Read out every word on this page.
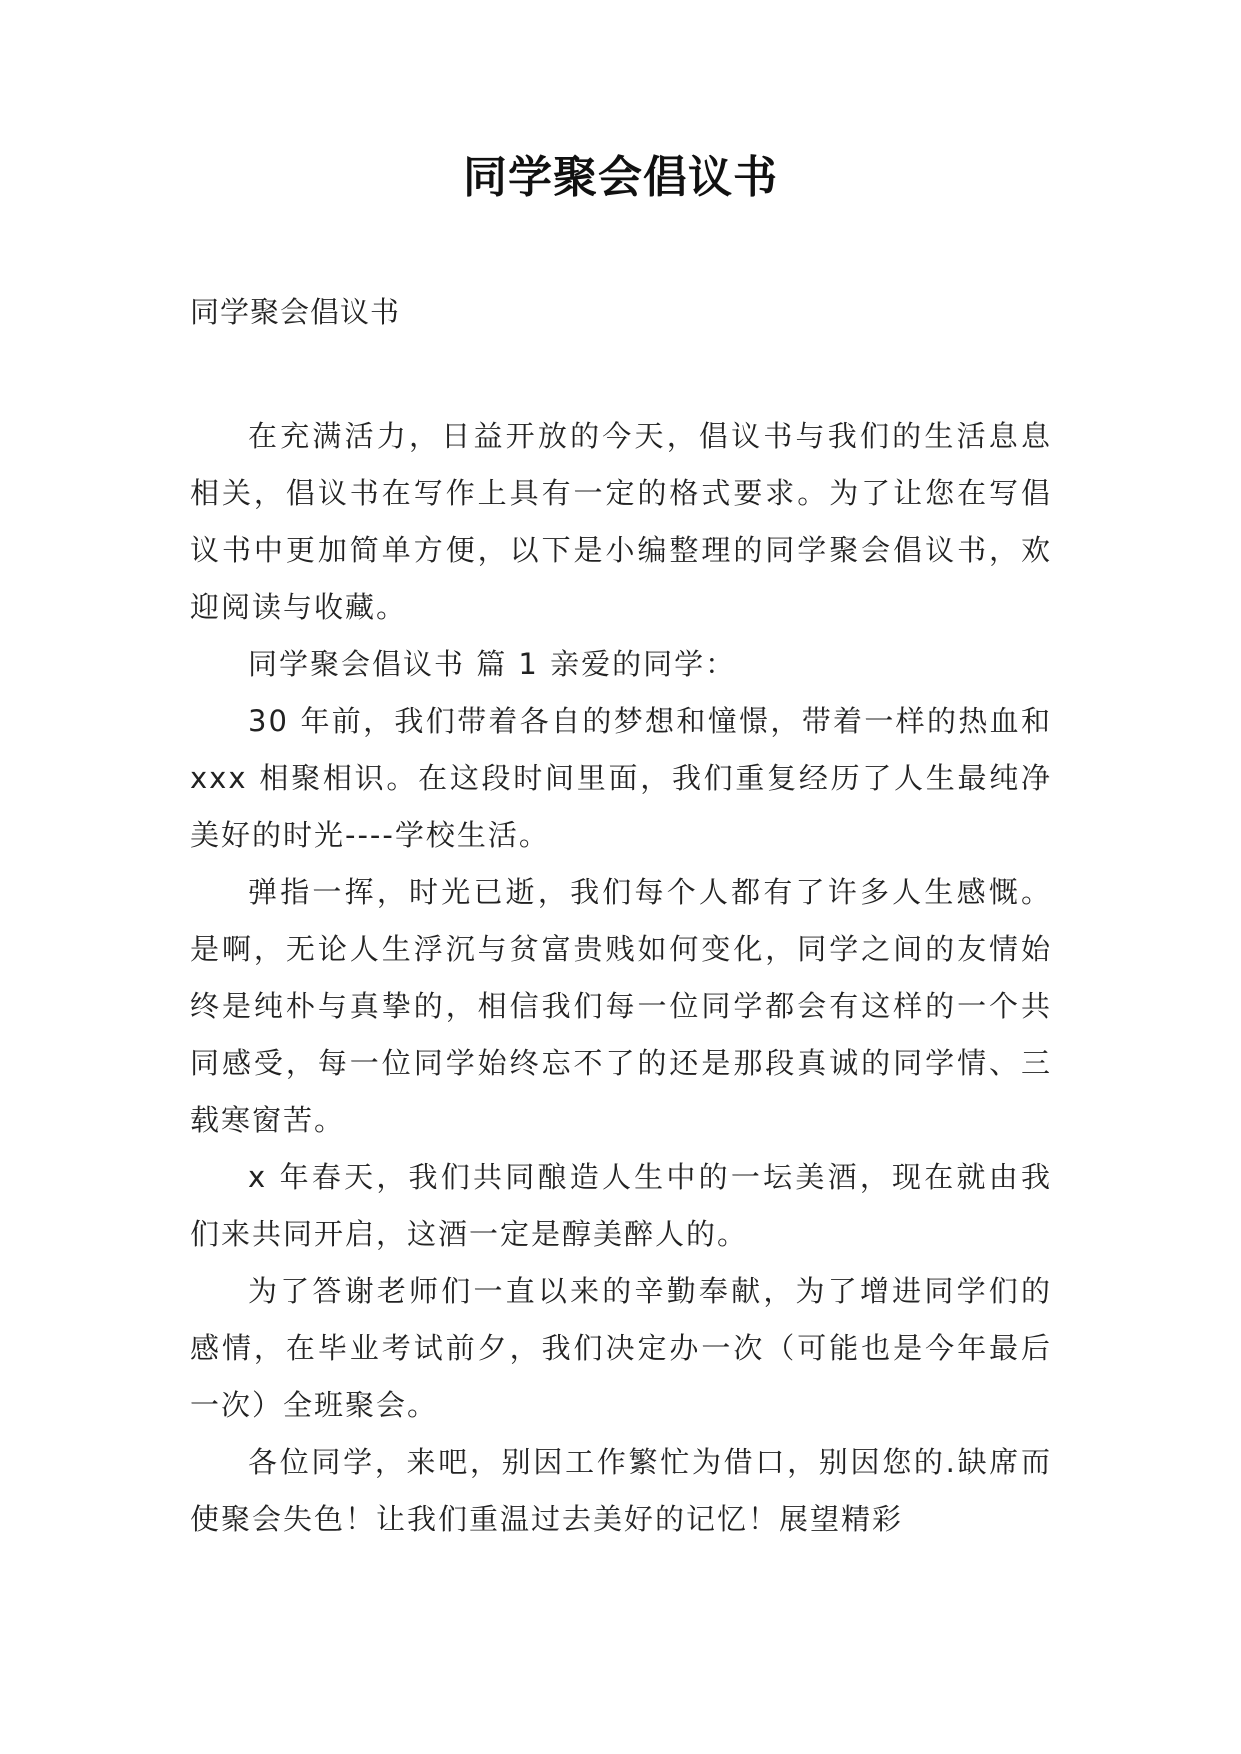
同学聚会倡议书
同学聚会倡议书

在充满活力，日益开放的今天，倡议书与我们的生活息息相关，倡议书在写作上具有一定的格式要求。为了让您在写倡议书中更加简单方便，以下是小编整理的同学聚会倡议书，欢迎阅读与收藏。

同学聚会倡议书 篇 1 亲爱的同学：

30 年前，我们带着各自的梦想和憧憬，带着一样的热血和 xxx 相聚相识。在这段时间里面，我们重复经历了人生最纯净美好的时光----学校生活。

弹指一挥，时光已逝，我们每个人都有了许多人生感慨。是啊，无论人生浮沉与贫富贵贱如何变化，同学之间的友情始终是纯朴与真挚的，相信我们每一位同学都会有这样的一个共同感受，每一位同学始终忘不了的还是那段真诚的同学情、三载寒窗苦。

x 年春天，我们共同酿造人生中的一坛美酒，现在就由我们来共同开启，这酒一定是醇美醉人的。

为了答谢老师们一直以来的辛勤奉献，为了增进同学们的感情，在毕业考试前夕，我们决定办一次（可能也是今年最后一次）全班聚会。

各位同学，来吧，别因工作繁忙为借口，别因您的.缺席而使聚会失色！让我们重温过去美好的记忆！展望精彩
